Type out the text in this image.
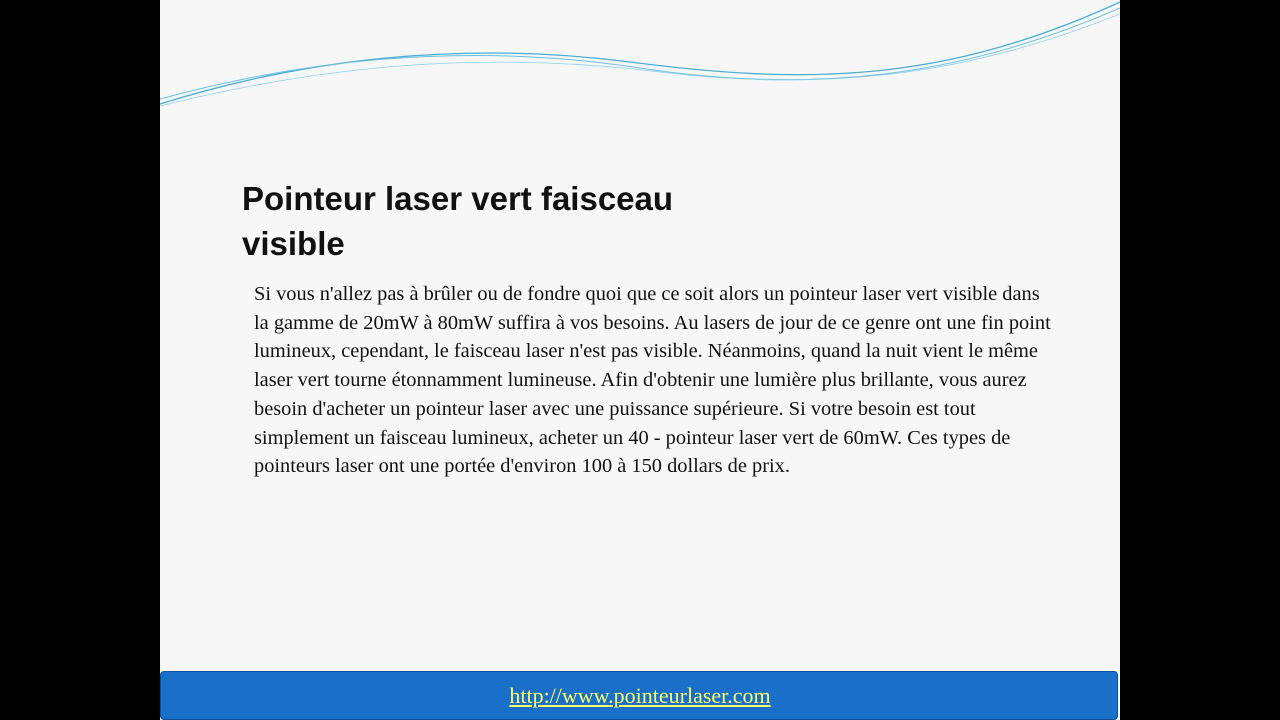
Pointeur laser vert faisceau visible

Si vous n'allez pas à brûler ou de fondre quoi que ce soit alors un pointeur laser vert visible dans la gamme de 20mW à 80mW suffira à vos besoins. Au lasers de jour de ce genre ont une fin point lumineux, cependant, le faisceau laser n'est pas visible. Néanmoins, quand la nuit vient le même laser vert tourne étonnamment lumineuse. Afin d'obtenir une lumière plus brillante, vous aurez besoin d'acheter un pointeur laser avec une puissance supérieure. Si votre besoin est tout simplement un faisceau lumineux, acheter un 40 - pointeur laser vert de 60mW. Ces types de pointeurs laser ont une portée d'environ 100 à 150 dollars de prix.

http://www.pointeurlaser.com
